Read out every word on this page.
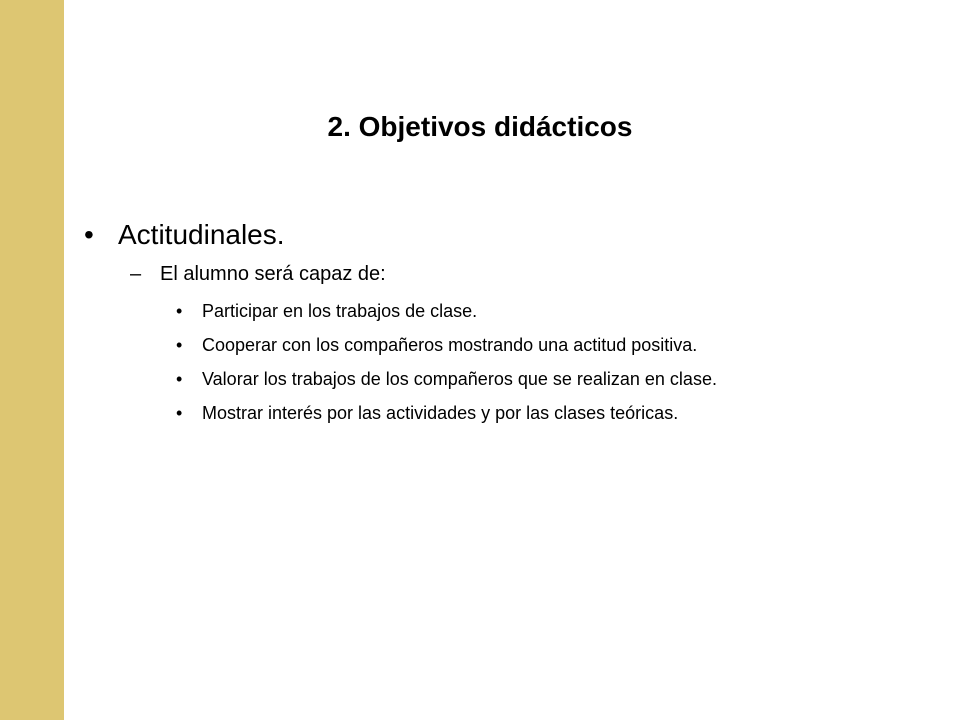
2. Objetivos didácticos
• Actitudinales.
– El alumno será capaz de:
• Participar en los trabajos de clase.
• Cooperar con los compañeros mostrando una actitud positiva.
• Valorar los trabajos de los compañeros que se realizan en clase.
• Mostrar interés por las actividades y por las clases teóricas.
